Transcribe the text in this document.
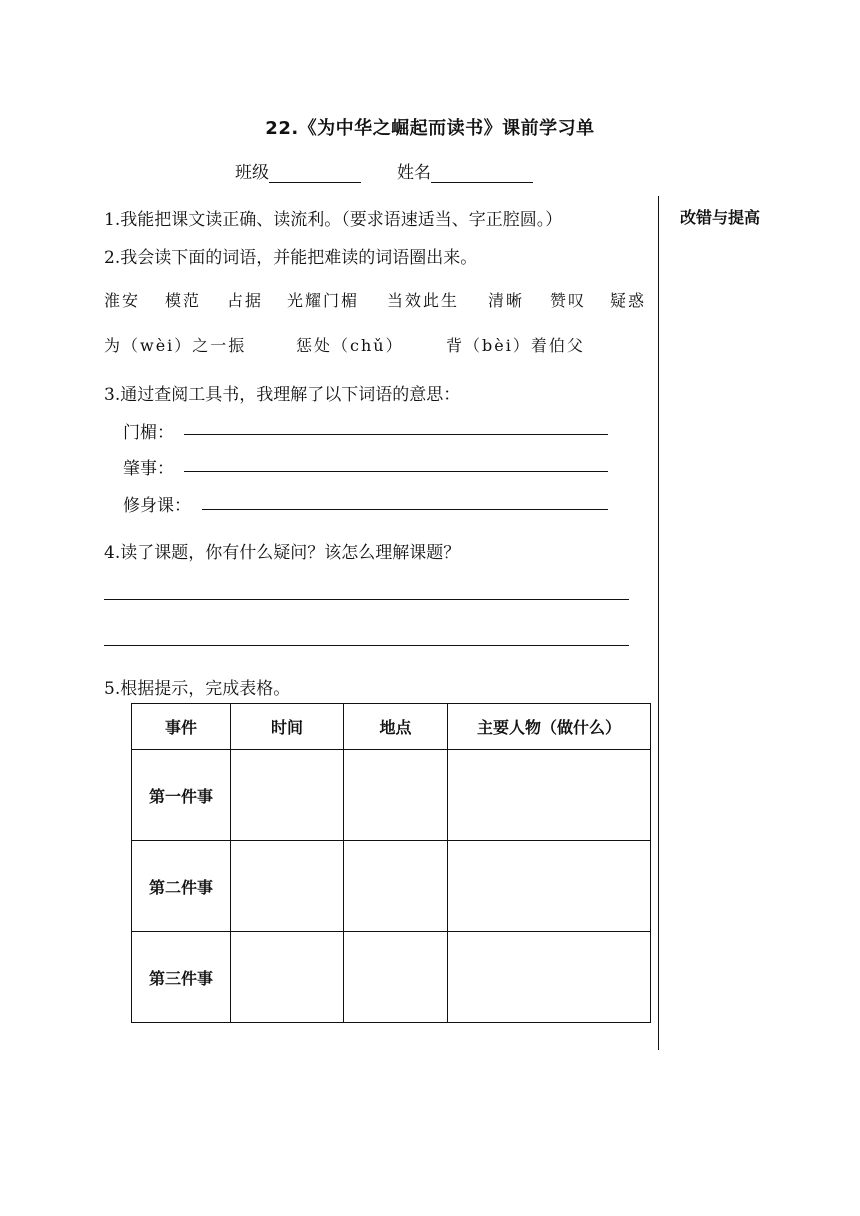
22.《为中华之崛起而读书》课前学习单
班级	姓名
改错与提高
1.我能把课文读正确、读流利。（要求语速适当、字正腔圆。）
2.我会读下面的词语，并能把难读的词语圈出来。
淮安 模范 占据 光耀门楣 当效此生 清晰 赞叹 疑惑
为（wèi）之一振	惩处（chǔ）	背（bèi）着伯父
3.通过查阅工具书，我理解了以下词语的意思：
门楣：
肇事：
修身课：
4.读了课题，你有什么疑问？该怎么理解课题？
5.根据提示，完成表格。
事件	时间	地点	主要人物（做什么）
第一件事			
第二件事			
第三件事			
